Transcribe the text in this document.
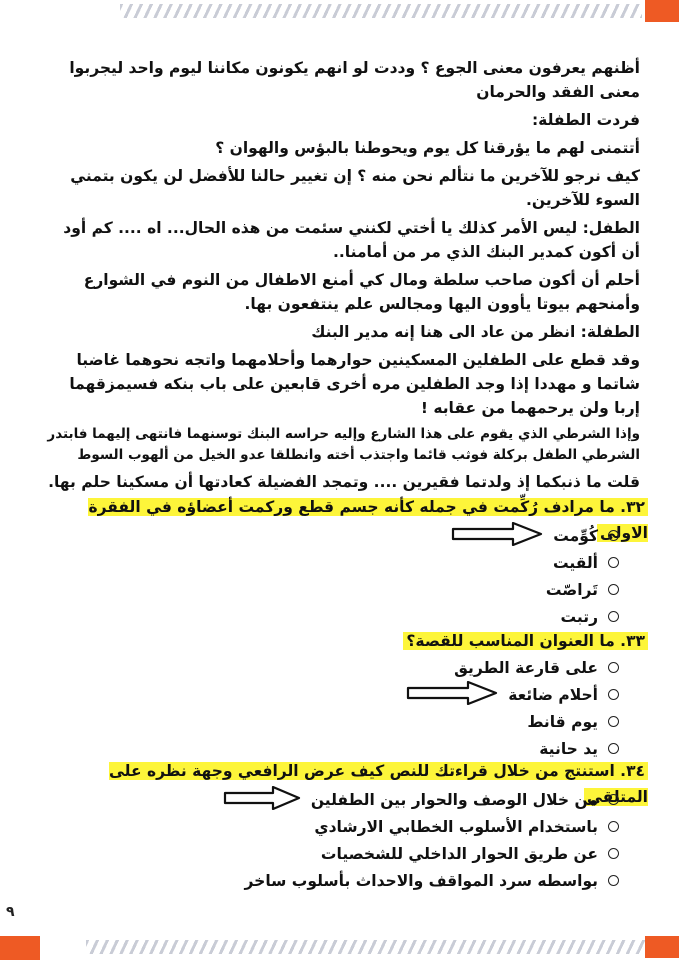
أظنهم يعرفون معنى الجوع ؟ وددت لو انهم يكونون مكاننا ليوم واحد ليجربوا معنى الفقد والحرمان

فردت الطفلة:

أتتمنى لهم ما يؤرقنا كل يوم ويحوطنا بالبؤس والهوان ؟

كيف نرجو للآخرين ما نتألم نحن منه ؟ إن تغيير حالنا للأفضل لن يكون بتمني السوء للآخرين.

الطفل: ليس الأمر كذلك يا أختي لكنني سئمت من هذه الحال... اه .... كم أود أن أكون كمدير البنك الذي مر من أمامنا..

أحلم أن أكون صاحب سلطة ومال كي أمنع الاطفال من النوم في الشوارع وأمنحهم بيوتا يأوون اليها ومجالس علم ينتفعون بها.

الطفلة: انظر من عاد الى هنا إنه مدير البنك

وقد قطع على الطفلين المسكينين حوارهما وأحلامهما واتجه نحوهما غاضبا شاتما و مهددا إذا وجد الطفلين مره أخرى قابعين على باب بنكه فسيمزقهما إربا ولن يرحمهما من عقابه !

وإذا الشرطي الذي يقوم على هذا الشارع وإليه حراسه البنك توسنهما فانتهى إليهما فابتدر الشرطي الطفل بركلة فوثب قائما واجتذب أخته وانطلقا عدو الخيل من ألهوب السوط

قلت ما ذنبكما إذ ولدتما فقيرين .... وتمجد الفضيلة كعادتها أن مسكينا حلم بها.

٣٢. ما مرادف رُكِّمت في جمله كأنه جسم قطع وركمت أعضاؤه في الفقرة الاولى
كُوِّمت
ألقيت
تَراصّت
رتبت
٣٣. ما العنوان المناسب للقصة؟
على قارعة الطريق
أحلام ضائعة
يوم قانط
يد حانية
٣٤. استنتج من خلال قراءتك للنص كيف عرض الرافعي وجهة نظره على المتلقي
من خلال الوصف والحوار بين الطفلين
باستخدام الأسلوب الخطابي الارشادي
عن طريق الحوار الداخلي للشخصيات
بواسطه سرد المواقف والاحداث بأسلوب ساخر
٩
